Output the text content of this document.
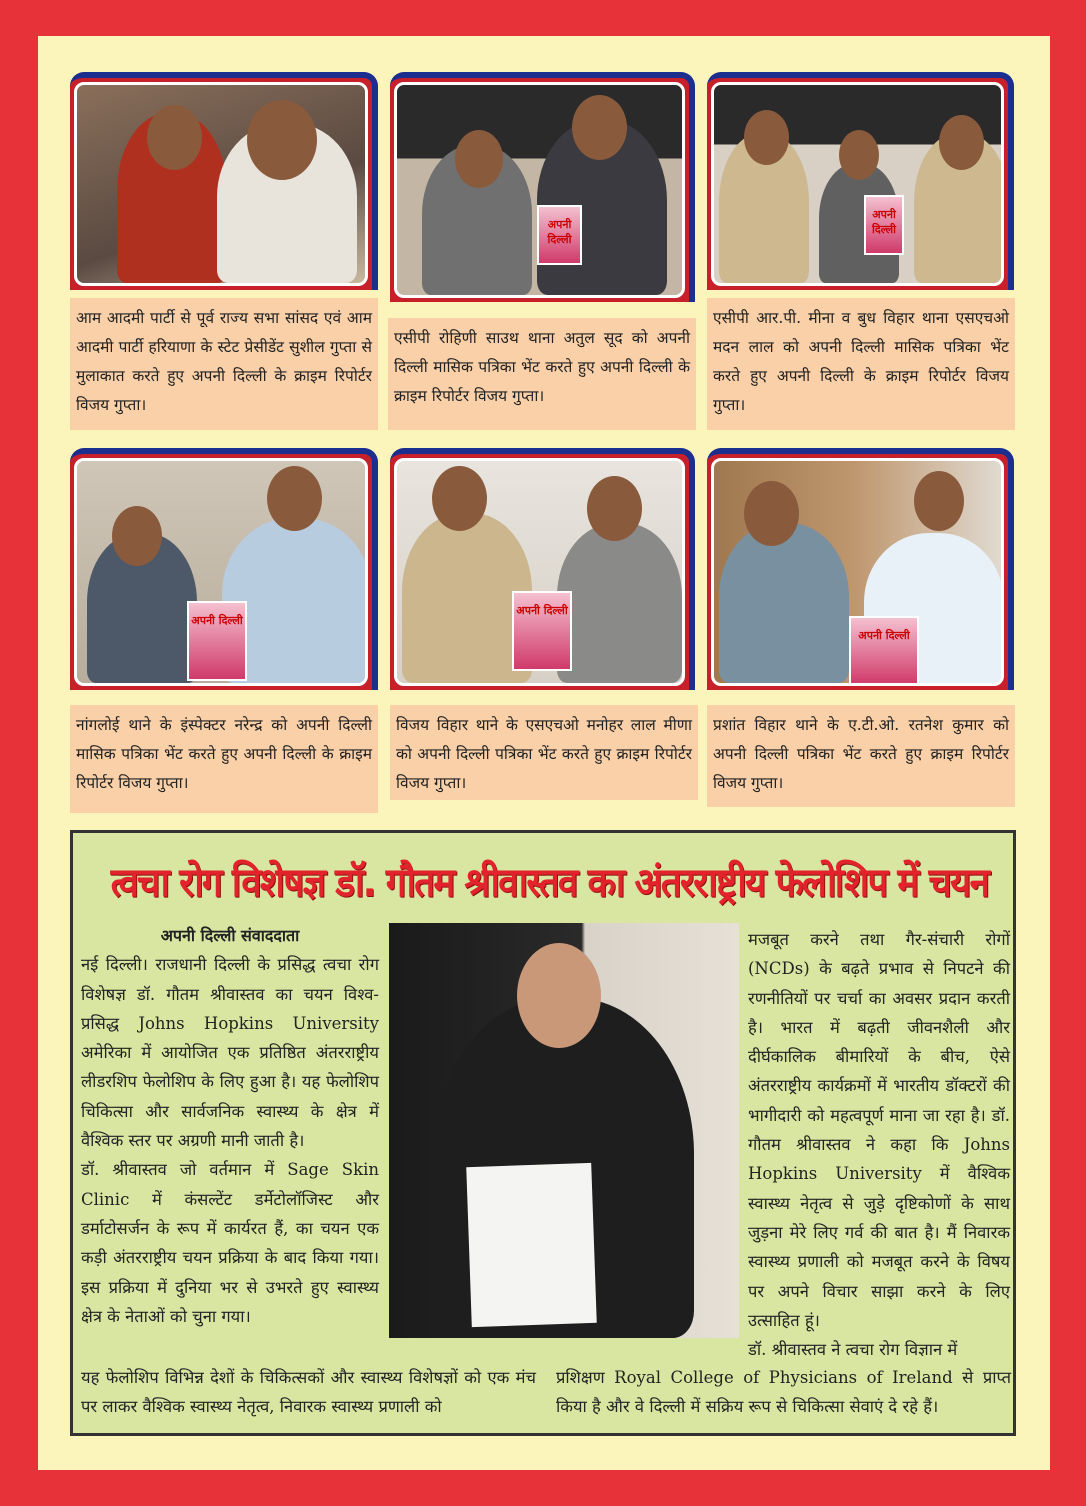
अपनी दिल्ली
अपनी दिल्ली
आम आदमी पार्टी से पूर्व राज्य सभा सांसद एवं आम आदमी पार्टी हरियाणा के स्टेट प्रेसीडेंट सुशील गुप्ता से मुलाकात करते हुए अपनी दिल्ली के क्राइम रिपोर्टर विजय गुप्ता।
एसीपी रोहिणी साउथ थाना अतुल सूद को अपनी दिल्ली मासिक पत्रिका भेंट करते हुए अपनी दिल्ली के क्राइम रिपोर्टर विजय गुप्ता।
एसीपी आर.पी. मीना व बुध विहार थाना एसएचओ मदन लाल को अपनी दिल्ली मासिक पत्रिका भेंट करते हुए अपनी दिल्ली के क्राइम रिपोर्टर विजय गुप्ता।
अपनी दिल्ली
अपनी दिल्ली
अपनी दिल्ली
नांगलोई थाने के इंस्पेक्टर नरेन्द्र को अपनी दिल्ली मासिक पत्रिका भेंट करते हुए अपनी दिल्ली के क्राइम रिपोर्टर विजय गुप्ता।
विजय विहार थाने के एसएचओ मनोहर लाल मीणा को अपनी दिल्ली पत्रिका भेंट करते हुए क्राइम रिपोर्टर विजय गुप्ता।
प्रशांत विहार थाने के ए.टी.ओ. रतनेश कुमार को अपनी दिल्ली पत्रिका भेंट करते हुए क्राइम रिपोर्टर विजय गुप्ता।
त्वचा रोग विशेषज्ञ डॉ. गौतम श्रीवास्तव का अंतरराष्ट्रीय फेलोशिप में चयन

अपनी दिल्ली संवाददाता

नई दिल्ली। राजधानी दिल्ली के प्रसिद्ध त्वचा रोग विशेषज्ञ डॉ. गौतम श्रीवास्तव का चयन विश्व-प्रसिद्ध Johns Hopkins University अमेरिका में आयोजित एक प्रतिष्ठित अंतरराष्ट्रीय लीडरशिप फेलोशिप के लिए हुआ है। यह फेलोशिप चिकित्सा और सार्वजनिक स्वास्थ्य के क्षेत्र में वैश्विक स्तर पर अग्रणी मानी जाती है।

डॉ. श्रीवास्तव जो वर्तमान में Sage Skin Clinic में कंसल्टेंट डर्मेटोलॉजिस्ट और डर्माटोसर्जन के रूप में कार्यरत हैं, का चयन एक कड़ी अंतरराष्ट्रीय चयन प्रक्रिया के बाद किया गया। इस प्रक्रिया में दुनिया भर से उभरते हुए स्वास्थ्य क्षेत्र के नेताओं को चुना गया।

मजबूत करने तथा गैर-संचारी रोगों (NCDs) के बढ़ते प्रभाव से निपटने की रणनीतियों पर चर्चा का अवसर प्रदान करती है। भारत में बढ़ती जीवनशैली और दीर्घकालिक बीमारियों के बीच, ऐसे अंतरराष्ट्रीय कार्यक्रमों में भारतीय डॉक्टरों की भागीदारी को महत्वपूर्ण माना जा रहा है। डॉ. गौतम श्रीवास्तव ने कहा कि Johns Hopkins University में वैश्विक स्वास्थ्य नेतृत्व से जुड़े दृष्टिकोणों के साथ जुड़ना मेरे लिए गर्व की बात है। मैं निवारक स्वास्थ्य प्रणाली को मजबूत करने के विषय पर अपने विचार साझा करने के लिए उत्साहित हूं।

डॉ. श्रीवास्तव ने त्वचा रोग विज्ञान में

यह फेलोशिप विभिन्न देशों के चिकित्सकों और स्वास्थ्य विशेषज्ञों को एक मंच पर लाकर वैश्विक स्वास्थ्य नेतृत्व, निवारक स्वास्थ्य प्रणाली को
प्रशिक्षण Royal College of Physicians of Ireland से प्राप्त किया है और वे दिल्ली में सक्रिय रूप से चिकित्सा सेवाएं दे रहे हैं।
